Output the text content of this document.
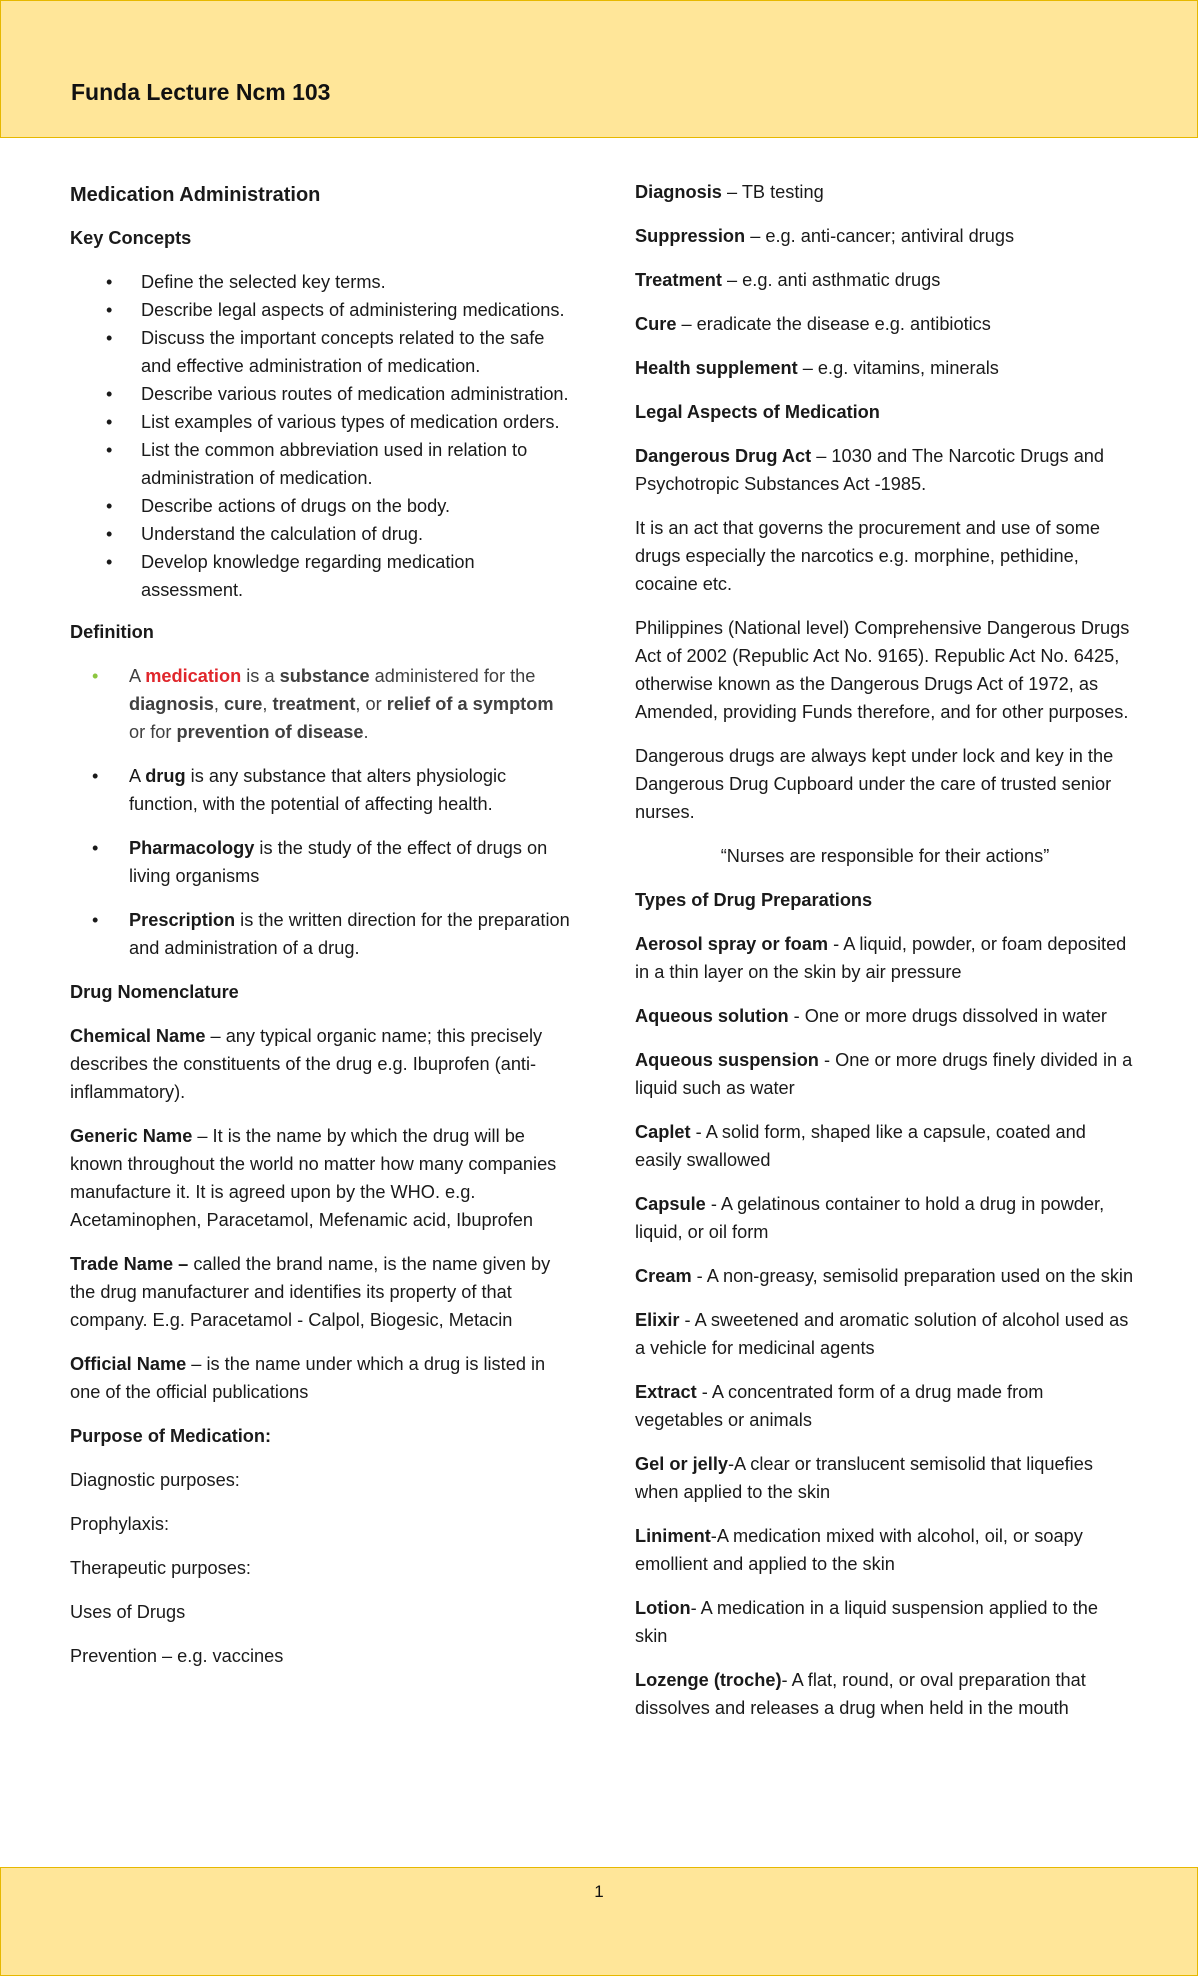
Funda Lecture Ncm 103
Medication Administration
Key Concepts
• Define the selected key terms.
• Describe legal aspects of administering medications.
• Discuss the important concepts related to the safe and effective administration of medication.
• Describe various routes of medication administration.
• List examples of various types of medication orders.
• List the common abbreviation used in relation to administration of medication.
• Describe actions of drugs on the body.
• Understand the calculation of drug.
• Develop knowledge regarding medication assessment.
Definition
• A medication is a substance administered for the diagnosis, cure, treatment, or relief of a symptom or for prevention of disease.
• A drug is any substance that alters physiologic function, with the potential of affecting health.
• Pharmacology is the study of the effect of drugs on living organisms
• Prescription is the written direction for the preparation and administration of a drug.
Drug Nomenclature

Chemical Name – any typical organic name; this precisely describes the constituents of the drug e.g. Ibuprofen (anti-inflammatory).

Generic Name – It is the name by which the drug will be known throughout the world no matter how many companies manufacture it. It is agreed upon by the WHO. e.g. Acetaminophen, Paracetamol, Mefenamic acid, Ibuprofen

Trade Name – called the brand name, is the name given by the drug manufacturer and identifies its property of that company. E.g. Paracetamol - Calpol, Biogesic, Metacin

Official Name – is the name under which a drug is listed in one of the official publications

Purpose of Medication:

Diagnostic purposes:

Prophylaxis:

Therapeutic purposes:

Uses of Drugs

Prevention – e.g. vaccines

Diagnosis – TB testing

Suppression – e.g. anti-cancer; antiviral drugs

Treatment – e.g. anti asthmatic drugs

Cure – eradicate the disease e.g. antibiotics

Health supplement – e.g. vitamins, minerals

Legal Aspects of Medication

Dangerous Drug Act – 1030 and The Narcotic Drugs and Psychotropic Substances Act -1985.

It is an act that governs the procurement and use of some drugs especially the narcotics e.g. morphine, pethidine, cocaine etc.

Philippines (National level) Comprehensive Dangerous Drugs Act of 2002 (Republic Act No. 9165). Republic Act No. 6425, otherwise known as the Dangerous Drugs Act of 1972, as Amended, providing Funds therefore, and for other purposes.

Dangerous drugs are always kept under lock and key in the Dangerous Drug Cupboard under the care of trusted senior nurses.

“Nurses are responsible for their actions”

Types of Drug Preparations

Aerosol spray or foam - A liquid, powder, or foam deposited in a thin layer on the skin by air pressure

Aqueous solution - One or more drugs dissolved in water

Aqueous suspension - One or more drugs finely divided in a liquid such as water

Caplet - A solid form, shaped like a capsule, coated and easily swallowed

Capsule - A gelatinous container to hold a drug in powder, liquid, or oil form

Cream - A non-greasy, semisolid preparation used on the skin

Elixir - A sweetened and aromatic solution of alcohol used as a vehicle for medicinal agents

Extract - A concentrated form of a drug made from vegetables or animals

Gel or jelly-A clear or translucent semisolid that liquefies when applied to the skin

Liniment-A medication mixed with alcohol, oil, or soapy emollient and applied to the skin

Lotion- A medication in a liquid suspension applied to the skin

Lozenge (troche)- A flat, round, or oval preparation that dissolves and releases a drug when held in the mouth

1
